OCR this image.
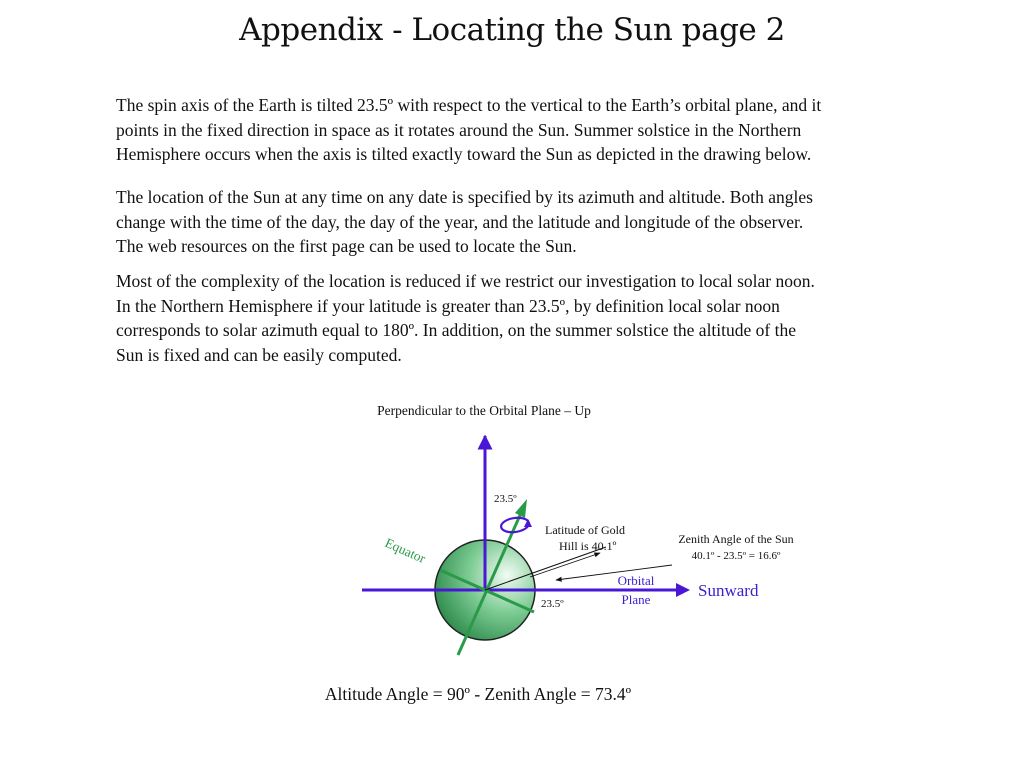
Appendix - Locating the Sun page 2

The spin axis of the Earth is tilted 23.5º with respect to the vertical to the Earth’s orbital plane, and it
points in the fixed direction in space as it rotates around the Sun. Summer solstice in the Northern
Hemisphere occurs when the axis is tilted exactly toward the Sun as depicted in the drawing below.

The location of the Sun at any time on any date is specified by its azimuth and altitude. Both angles
change with the time of the day, the day of the year, and the latitude and longitude of the observer.
The web resources on the first page can be used to locate the Sun.

Most of the complexity of the location is reduced if we restrict our investigation to local solar noon.
In the Northern Hemisphere if your latitude is greater than 23.5º, by definition local solar noon
corresponds to solar azimuth equal to 180º. In addition, on the summer solstice the altitude of the
Sun is fixed and can be easily computed.

Perpendicular to the Orbital Plane – Up
23.5º
Latitude of Gold
Hill is 40.1º	Zenith Angle of the Sun
40.1º - 23.5º = 16.6º
Equator
Orbital
Plane	Sunward
23.5º
Altitude Angle = 90º - Zenith Angle = 73.4º
